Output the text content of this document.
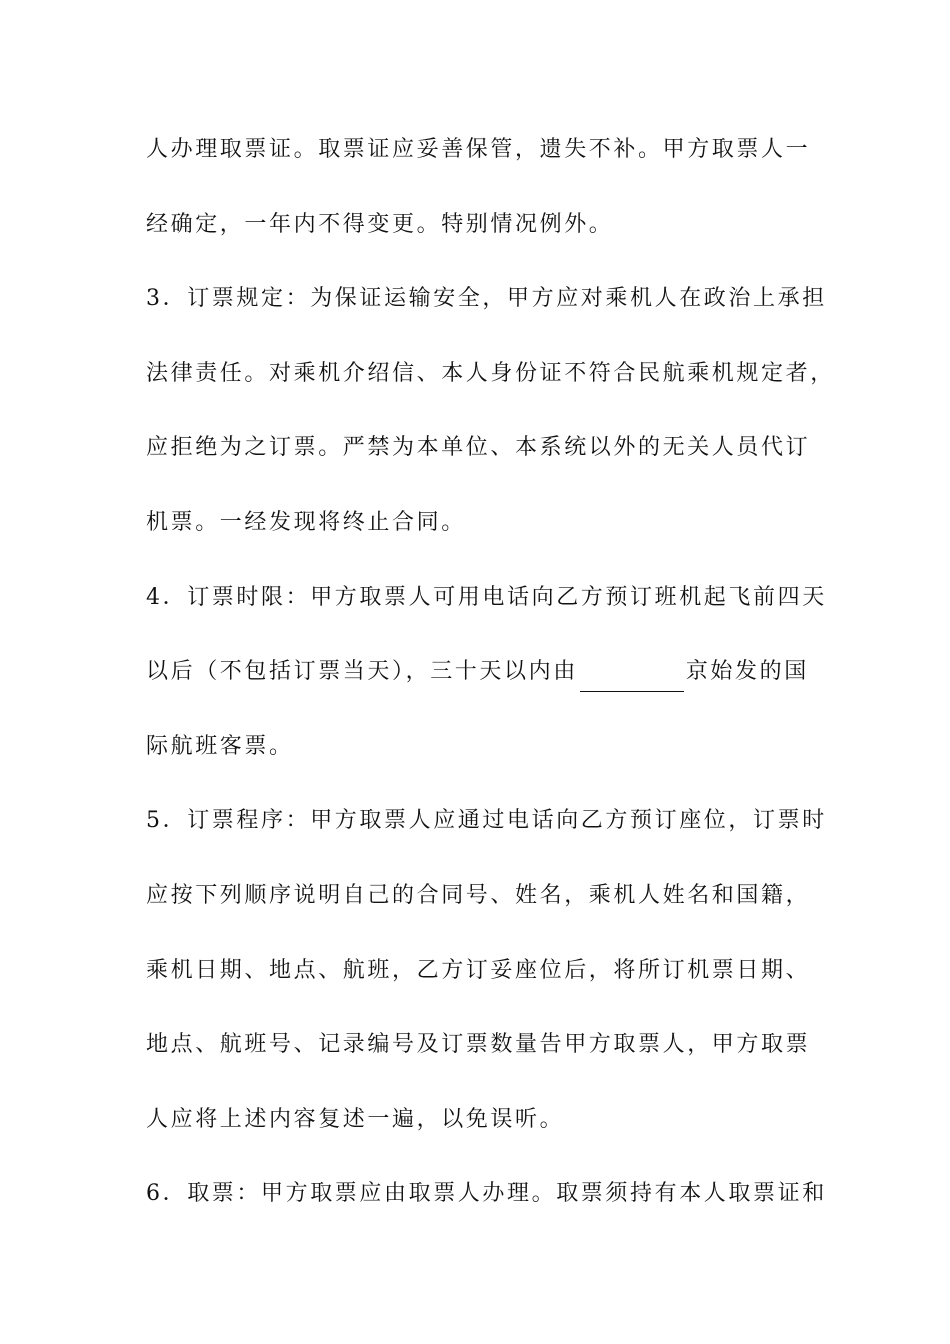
人办理取票证。取票证应妥善保管，遗失不补。甲方取票人一
经确定，一年内不得变更。特别情况例外。
3．订票规定：为保证运输安全，甲方应对乘机人在政治上承担
法律责任。对乘机介绍信、本人身份证不符合民航乘机规定者，
应拒绝为之订票。严禁为本单位、本系统以外的无关人员代订
机票。一经发现将终止合同。
4．订票时限：甲方取票人可用电话向乙方预订班机起飞前四天
以后（不包括订票当天），三十天以内由	京始发的国
际航班客票。
5．订票程序：甲方取票人应通过电话向乙方预订座位，订票时
应按下列顺序说明自己的合同号、姓名，乘机人姓名和国籍，
乘机日期、地点、航班，乙方订妥座位后，将所订机票日期、
地点、航班号、记录编号及订票数量告甲方取票人，甲方取票
人应将上述内容复述一遍，以免误听。
6．取票：甲方取票应由取票人办理。取票须持有本人取票证和
